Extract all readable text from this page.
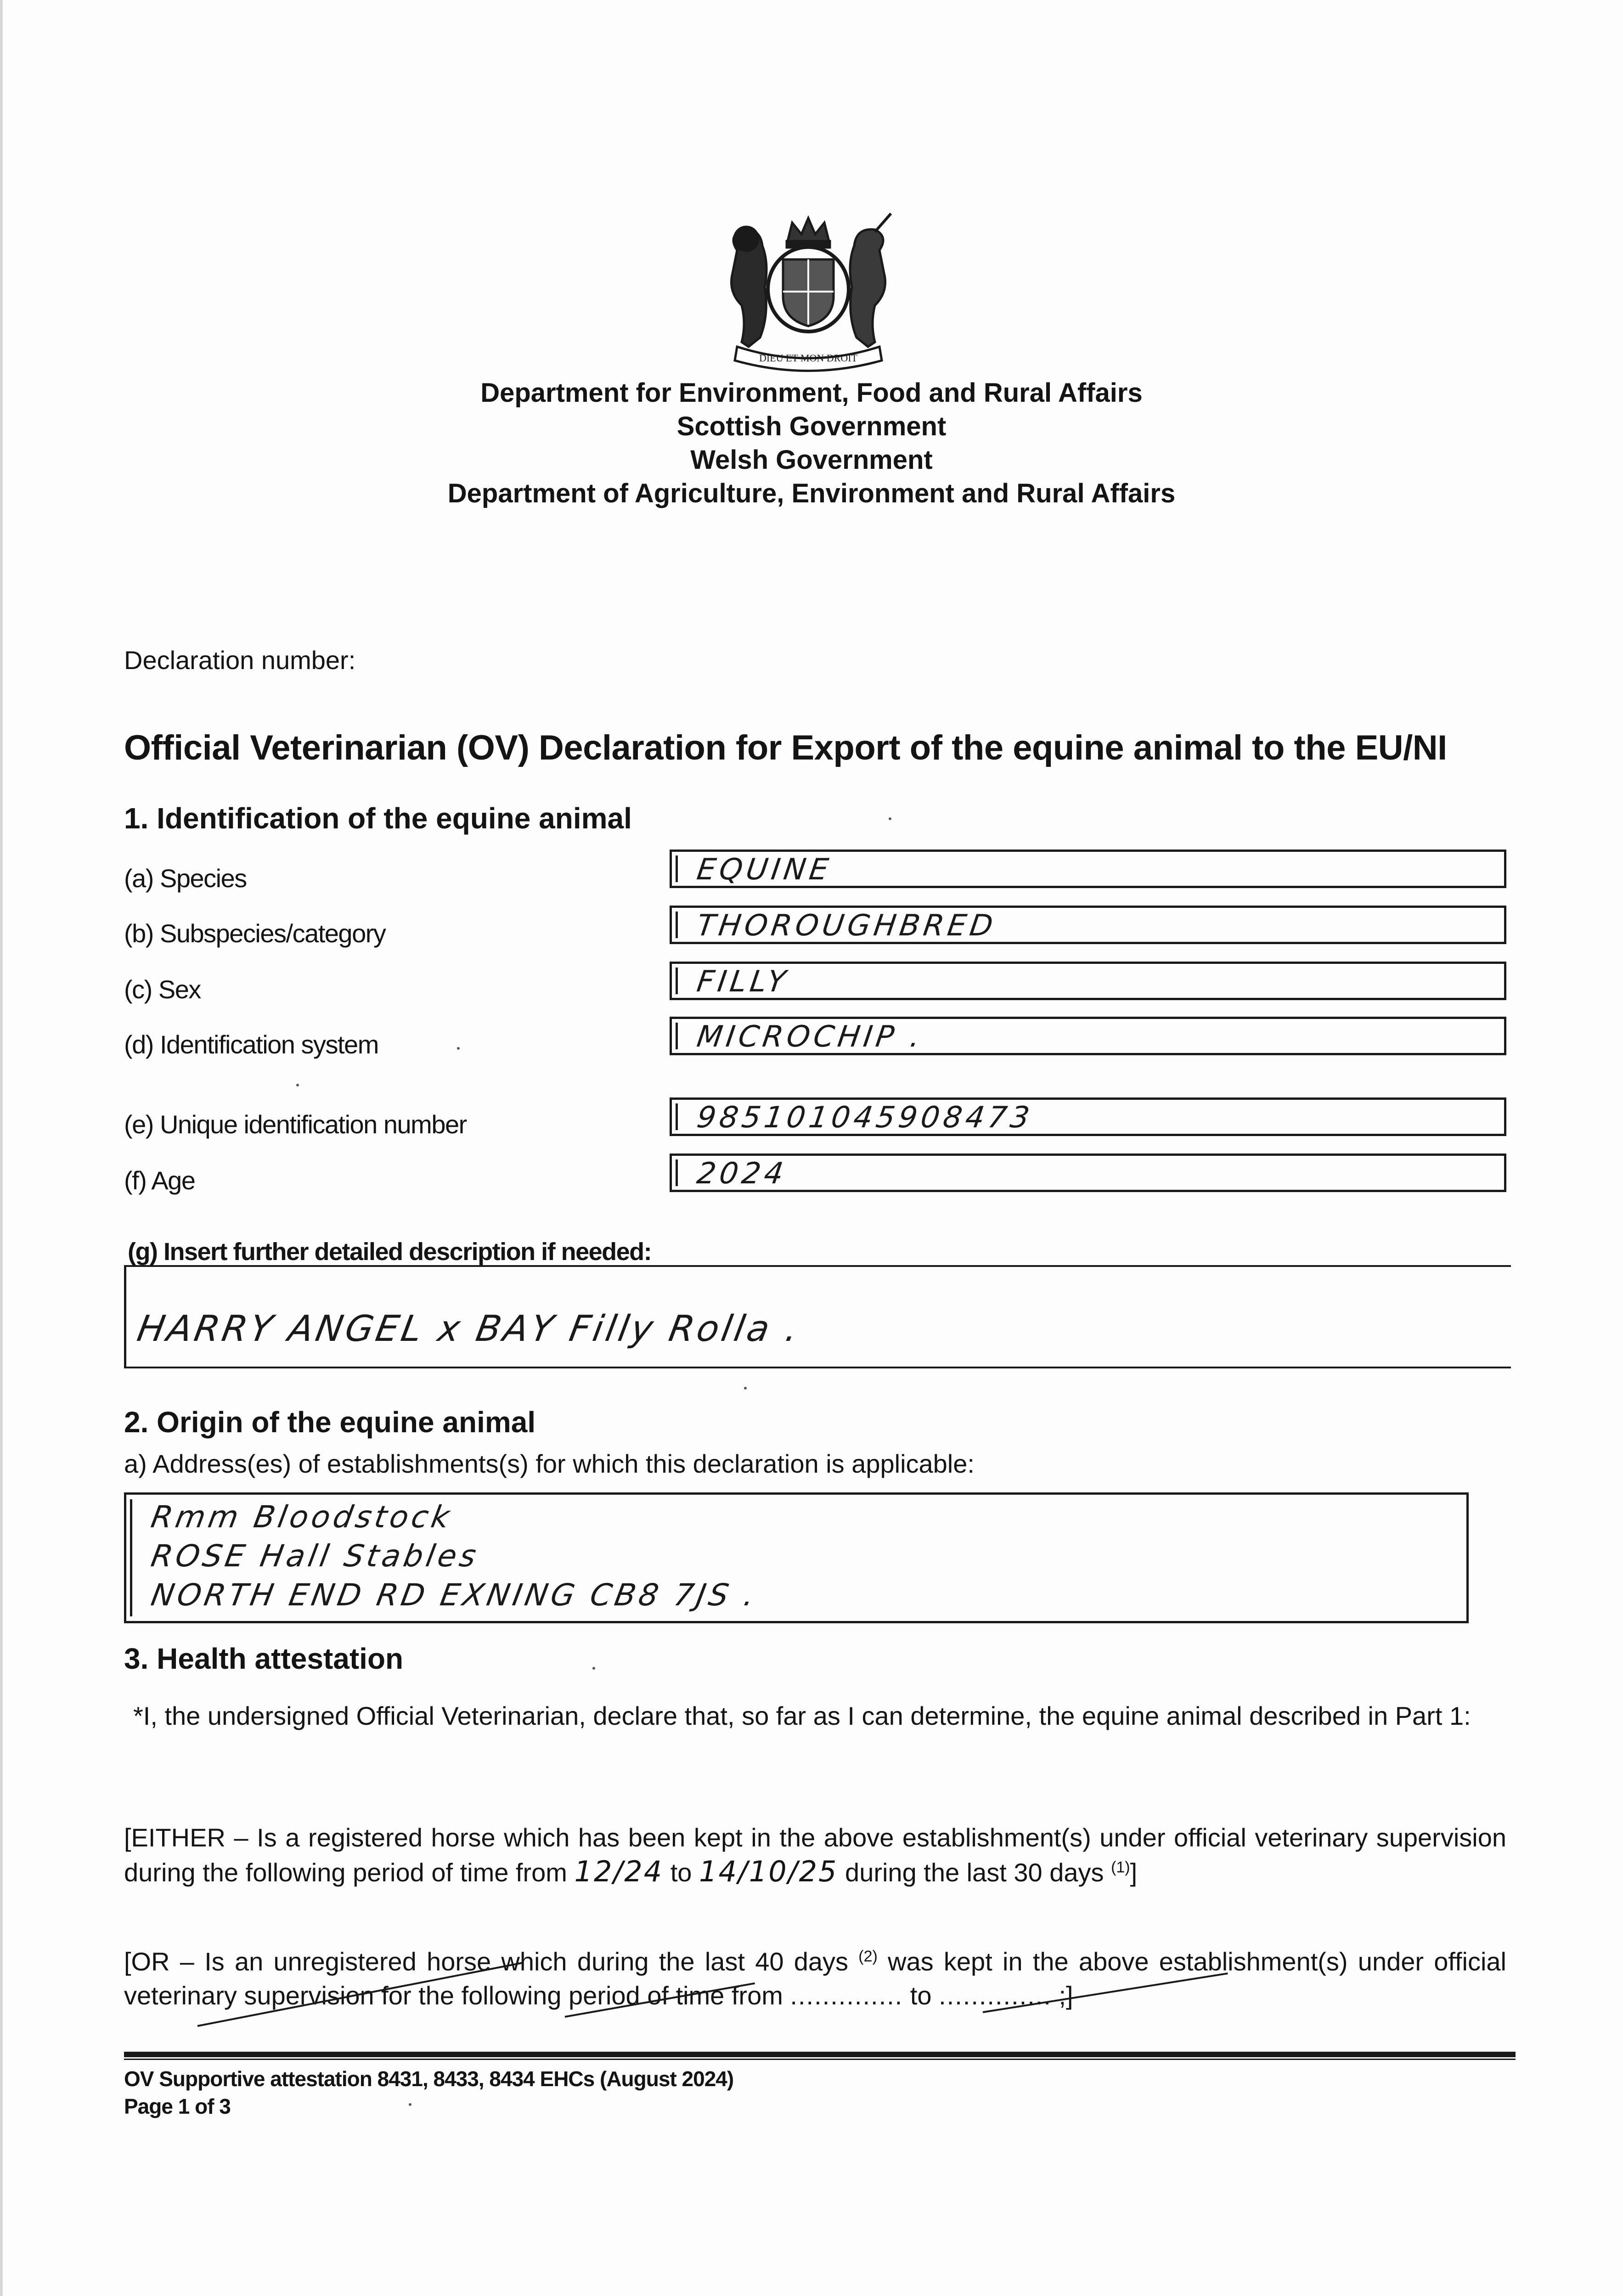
DIEU ET MON DROIT
Department for Environment, Food and Rural Affairs
Scottish Government
Welsh Government
Department of Agriculture, Environment and Rural Affairs
Declaration number:
Official Veterinarian (OV) Declaration for Export of the equine animal to the EU/NI
1. Identification of the equine animal
(a) Species	EQUINE
(b) Subspecies/category	THOROUGHBRED
(c) Sex	FILLY
(d) Identification system	MICROCHIP .
(e) Unique identification number	985101045908473
(f) Age	2024
(g) Insert further detailed description if needed:
HARRY ANGEL x BAY Filly Rolla .
2. Origin of the equine animal
a) Address(es) of establishments(s) for which this declaration is applicable:
Rmm Bloodstock
ROSE Hall Stables
NORTH END RD EXNING CB8 7JS .
3. Health attestation
*I, the undersigned Official Veterinarian, declare that, so far as I can determine, the equine animal described in Part 1:
[EITHER – Is a registered horse which has been kept in the above establishment(s) under official veterinary supervision during the following period of time from 12/24 to 14/10/25 during the last 30 days $^{(1)}$]
[OR – Is an unregistered horse which during the last 40 days $^{(2)}$ was kept in the above establishment(s) under official veterinary supervision for the following period of time from .............. to .............. ;]
OV Supportive attestation 8431, 8433, 8434 EHCs (August 2024)
Page 1 of 3
